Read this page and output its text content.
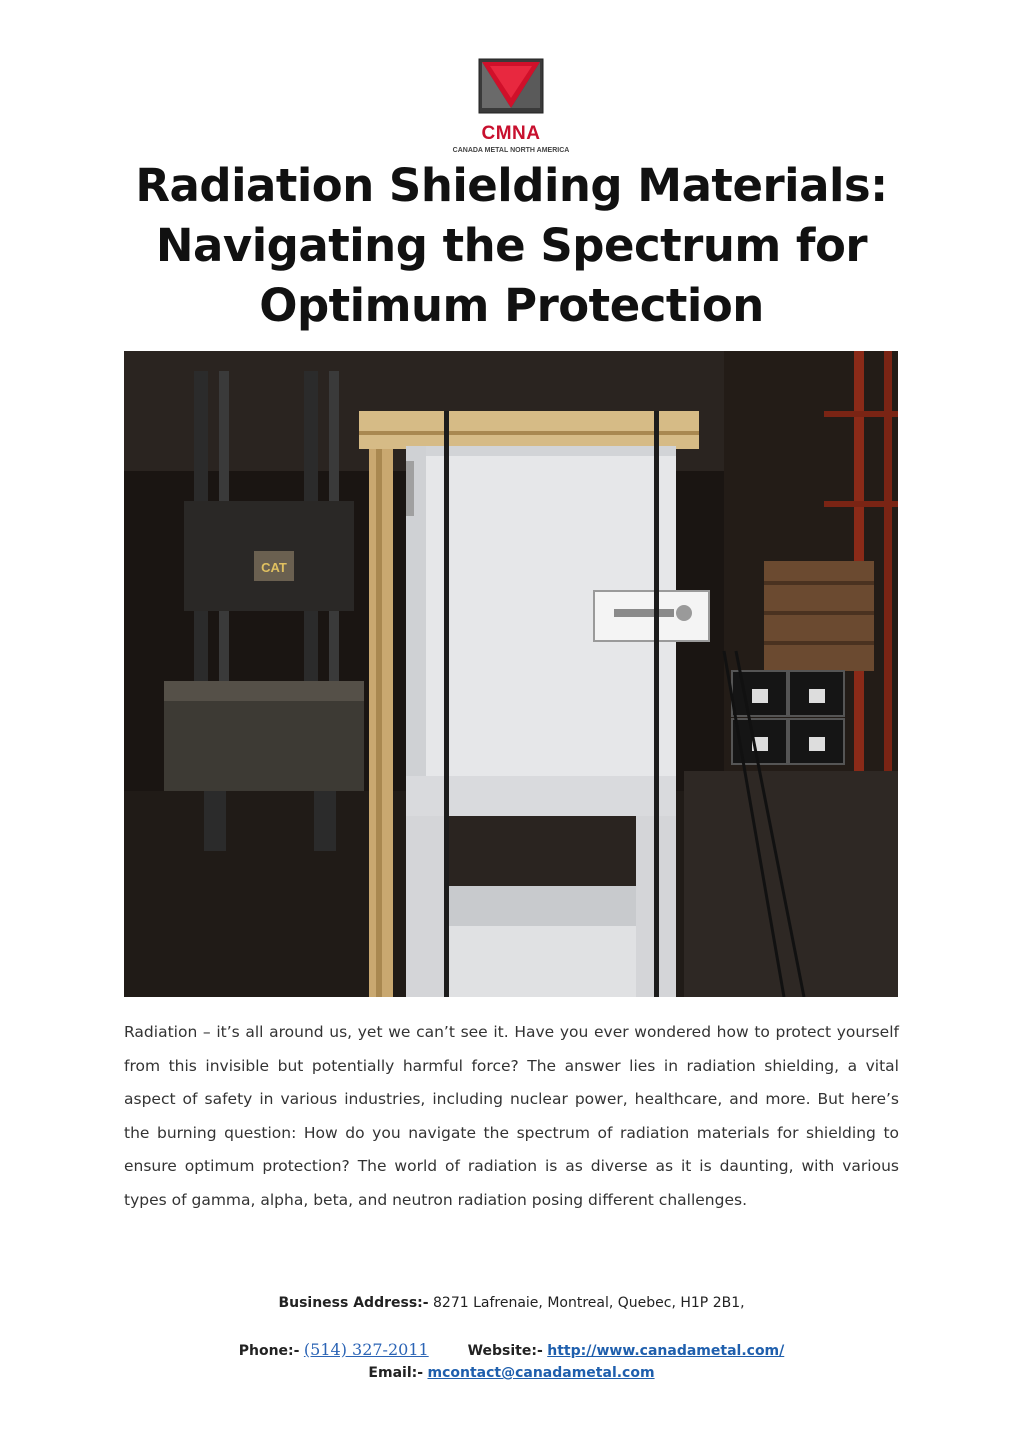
CMNA
CANADA METAL NORTH AMERICA
Radiation Shielding Materials: Navigating the Spectrum for Optimum Protection
CAT

Radiation – it’s all around us, yet we can’t see it. Have you ever wondered how to protect yourself from this invisible but potentially harmful force? The answer lies in radiation shielding, a vital aspect of safety in various industries, including nuclear power, healthcare, and more. But here’s the burning question: How do you navigate the spectrum of radiation materials for shielding to ensure optimum protection? The world of radiation is as diverse as it is daunting, with various types of gamma, alpha, beta, and neutron radiation posing different challenges.

Business Address:- 8271 Lafrenaie, Montreal, Quebec, H1P 2B1,
Phone:- (514) 327-2011	Website:- http://www.canadametal.com/
Email:- mcontact@canadametal.com
